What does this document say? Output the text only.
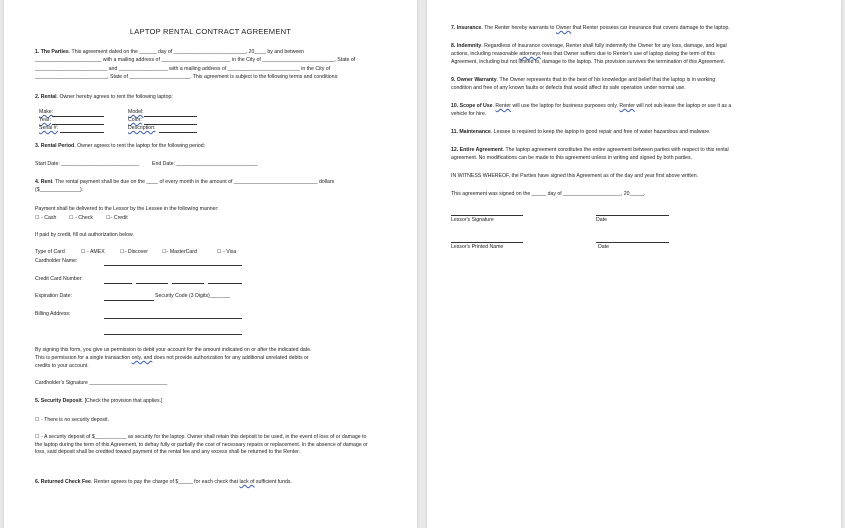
LAPTOP RENTAL CONTRACT AGREEMENT
1. The Parties. This agreement dated on the ______ day of _________________________, 20____ by and between
_______________________ with a mailing address of ________________________ in the City of _________________________, State of
_________________________ and _________________ with a mailing address of _________________________ in the City of
_________________________, State of _____________________. This agreement is subject to the following terms and conditions:
2. Rental. Owner hereby agrees to rent the following laptop:
Make:	Model:
Year:	Color:
Serial #:	Description:
3. Rental Period. Owner agrees to rent the laptop for the following period:
Start Date: ___________________________ End Date: ____________________________
4. Rent. The rental payment shall be due on the ____ of every month in the amount of _____________________________ dollars
($______________).
Payment shall be delivered to the Lessor by the Lessee in the following manner:
☐ - Cash ☐ - Check	☐- Credit
If paid by credit, fill out authorization below.
Type of Card	☐ - AMEX	☐- Discover	☐- MasterCard	☐ - Visa
Cardholder Name:
Credit Card Number:
Expiration Date:	Security Code (3 Digits)_______
Billing Address:
By signing this form, you give us permission to debit your account for the amount indicated on or after the indicated date.
This is permission for a single transaction only, and does not provide authorization for any additional unrelated debits or
credits to your account.
Cardholder's Signature ___________________________
5. Security Deposit. [Check the provision that applies.]
☐ - There is no security deposit.
☐ - A security deposit of $___________ as security for the laptop. Owner shall retain this deposit to be used, in the event of loss of or damage to the laptop during the term of this Agreement, to defray fully or partially the cost of necessary repairs or replacement. In the absence of damage or loss, said deposit shall be credited toward payment of the rental fee and any excess shall be returned to the Renter.
6. Returned Check Fee. Renter agrees to pay the charge of $_____ for each check that lack of sufficient funds.
7. Insurance. The Renter hereby warrants to Owner that Renter possess car insurance that covers damage to the laptop.
8. Indemnity. Regardless of insurance coverage, Renter shall fully indemnify the Owner for any loss, damage, and legal
actions, including reasonable attorneys fees that Owner suffers due to Renter's use of laptop during the term of this
Agreement, including but not limited to, damage to the laptop. This provision survives the termination of this Agreement.
9. Owner Warranty. The Owner represents that to the best of his knowledge and belief that the laptop is in working
condition and free of any known faults or defects that would affect its safe operation under normal use.
10. Scope of Use. Renter will use the laptop for business purposes only. Renter will not sub lease the laptop or use it as a
vehicle for hire.
11. Maintenance. Lessee is required to keep the laptop in good repair and free of water hazardous and malware.
12. Entire Agreement. The laptop agreement constitutes the entire agreement between parties with respect to this rental
agreement. No modifications can be made to this agreement unless in writing and signed by both parties.
IN WITNESS WHEREOF, the Parties have signed this Agreement as of the day and year first above written.
This agreement was signed on the _____ day of ____________________, 20_____.
Lessor's Signature	Date
Lessor's Printed Name	Date
